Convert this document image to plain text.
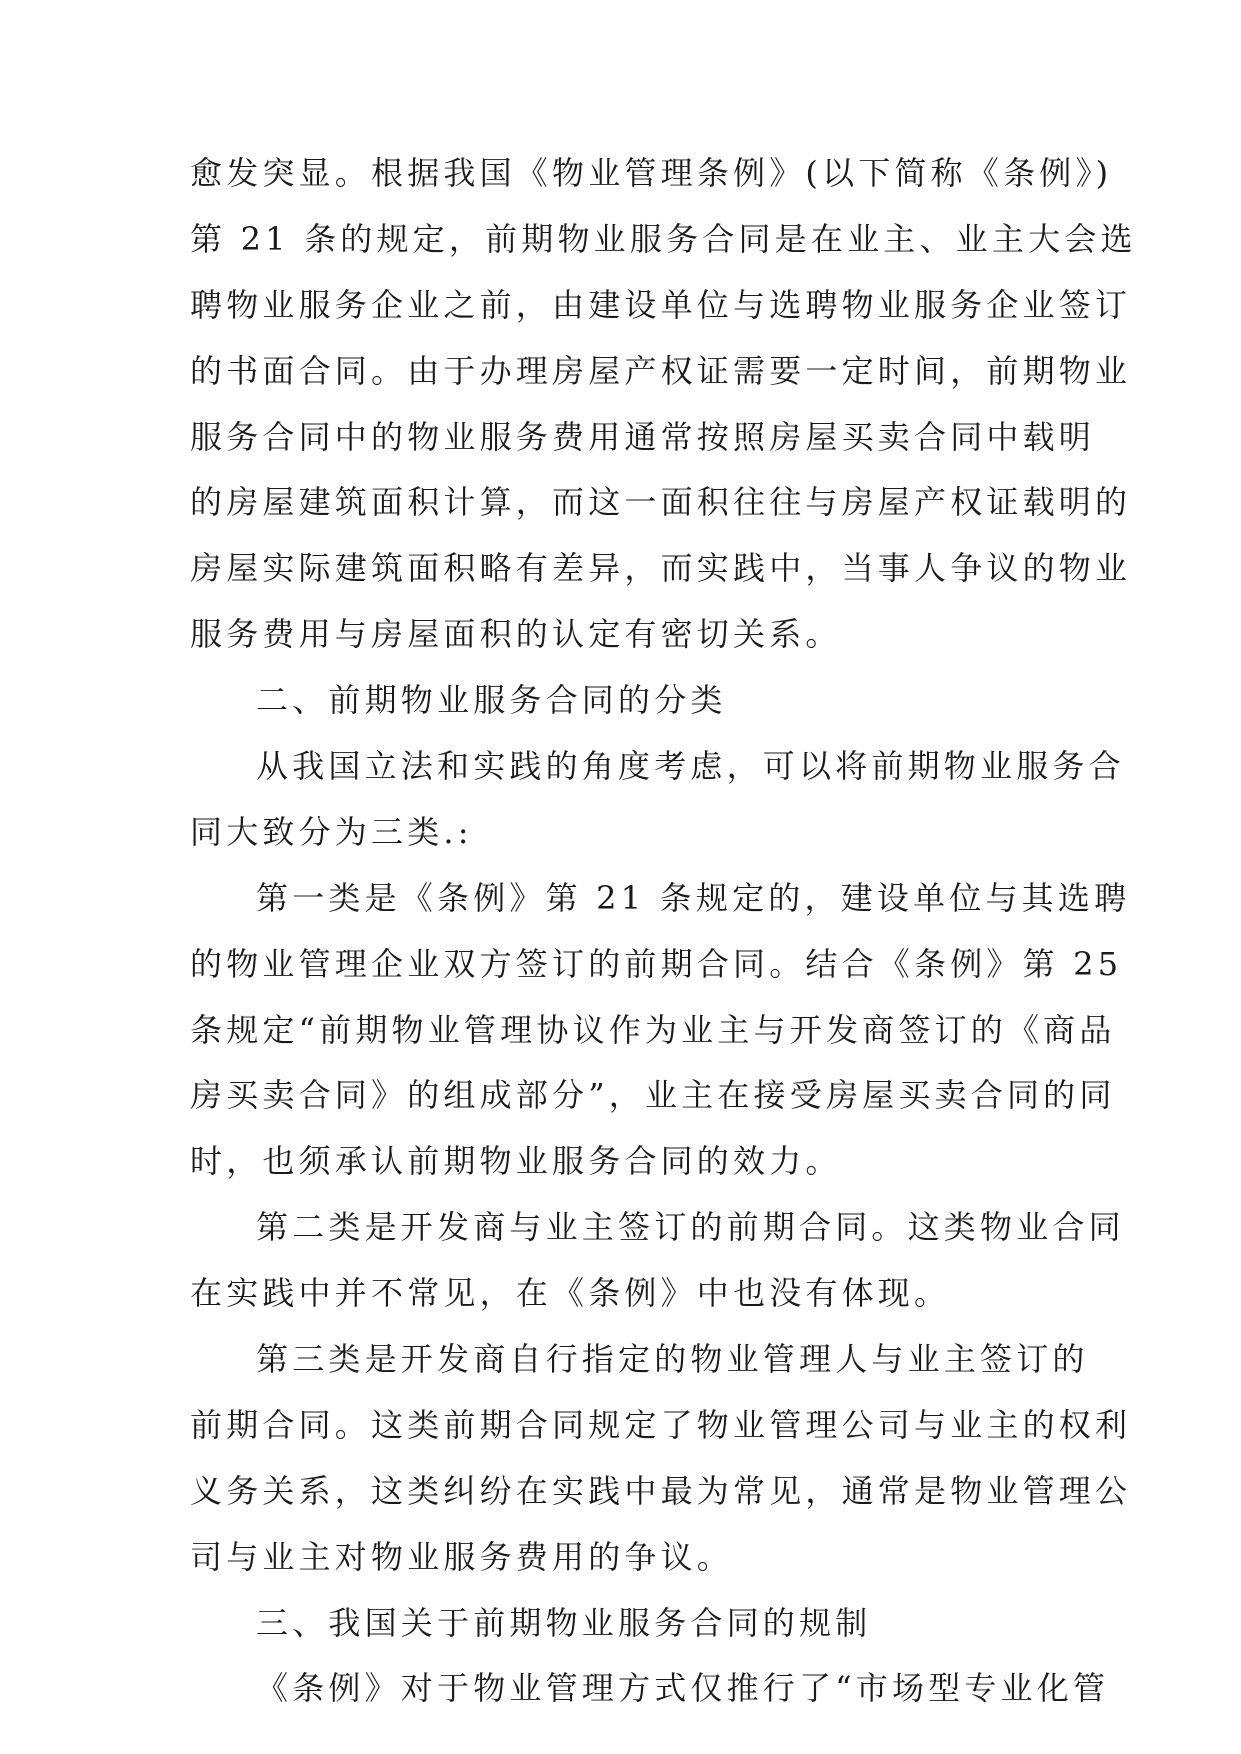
愈发突显。根据我国《物业管理条例》(以下简称《条例》)
第 21 条的规定，前期物业服务合同是在业主、业主大会选
聘物业服务企业之前，由建设单位与选聘物业服务企业签订
的书面合同。由于办理房屋产权证需要一定时间，前期物业
服务合同中的物业服务费用通常按照房屋买卖合同中载明
的房屋建筑面积计算，而这一面积往往与房屋产权证载明的
房屋实际建筑面积略有差异，而实践中，当事人争议的物业
服务费用与房屋面积的认定有密切关系。
二、前期物业服务合同的分类
从我国立法和实践的角度考虑，可以将前期物业服务合
同大致分为三类.:
第一类是《条例》第 21 条规定的，建设单位与其选聘
的物业管理企业双方签订的前期合同。结合《条例》第 25
条规定“前期物业管理协议作为业主与开发商签订的《商品
房买卖合同》的组成部分”，业主在接受房屋买卖合同的同
时，也须承认前期物业服务合同的效力。
第二类是开发商与业主签订的前期合同。这类物业合同
在实践中并不常见，在《条例》中也没有体现。
第三类是开发商自行指定的物业管理人与业主签订的
前期合同。这类前期合同规定了物业管理公司与业主的权利
义务关系，这类纠纷在实践中最为常见，通常是物业管理公
司与业主对物业服务费用的争议。
三、我国关于前期物业服务合同的规制
《条例》对于物业管理方式仅推行了“市场型专业化管
